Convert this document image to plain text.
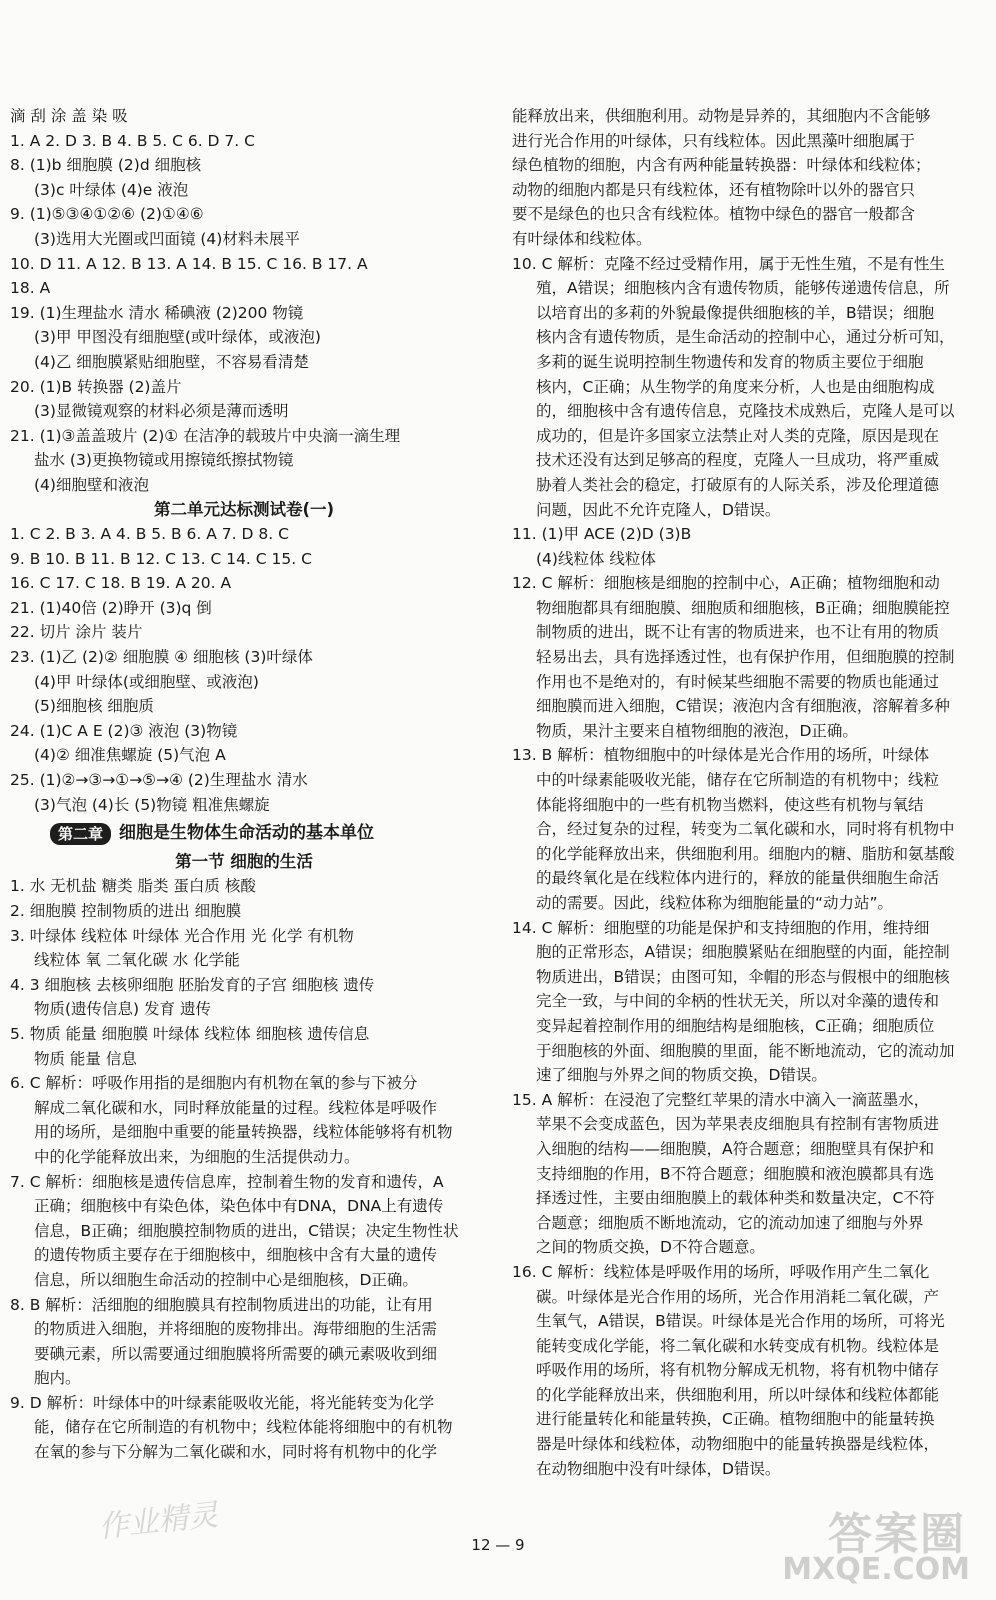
滴 刮 涂 盖 染 吸
1. A 2. D 3. B 4. B 5. C 6. D 7. C
8. (1)b 细胞膜 (2)d 细胞核
(3)c 叶绿体 (4)e 液泡
9. (1)⑤③④①②⑥ (2)①④⑥
(3)选用大光圈或凹面镜 (4)材料未展平
10. D 11. A 12. B 13. A 14. B 15. C 16. B 17. A
18. A
19. (1)生理盐水 清水 稀碘液 (2)200 物镜
(3)甲 甲图没有细胞壁(或叶绿体，或液泡)
(4)乙 细胞膜紧贴细胞壁，不容易看清楚
20. (1)B 转换器 (2)盖片
(3)显微镜观察的材料必须是薄而透明
21. (1)③盖盖玻片 (2)① 在洁净的载玻片中央滴一滴生理
盐水 (3)更换物镜或用擦镜纸擦拭物镜
(4)细胞壁和液泡
第二单元达标测试卷(一)
1. C 2. B 3. A 4. B 5. B 6. A 7. D 8. C
9. B 10. B 11. B 12. C 13. C 14. C 15. C
16. C 17. C 18. B 19. A 20. A
21. (1)40倍 (2)睁开 (3)q 倒
22. 切片 涂片 装片
23. (1)乙 (2)② 细胞膜 ④ 细胞核 (3)叶绿体
(4)甲 叶绿体(或细胞壁、或液泡)
(5)细胞核 细胞质
24. (1)C A E (2)③ 液泡 (3)物镜
(4)② 细准焦螺旋 (5)气泡 A
25. (1)②→③→①→⑤→④ (2)生理盐水 清水
(3)气泡 (4)长 (5)物镜 粗准焦螺旋
第二章 细胞是生物体生命活动的基本单位
第一节 细胞的生活
1. 水 无机盐 糖类 脂类 蛋白质 核酸
2. 细胞膜 控制物质的进出 细胞膜
3. 叶绿体 线粒体 叶绿体 光合作用 光 化学 有机物
线粒体 氧 二氧化碳 水 化学能
4. 3 细胞核 去核卵细胞 胚胎发育的子宫 细胞核 遗传
物质(遗传信息) 发育 遗传
5. 物质 能量 细胞膜 叶绿体 线粒体 细胞核 遗传信息
物质 能量 信息
6. C 解析：呼吸作用指的是细胞内有机物在氧的参与下被分
解成二氧化碳和水，同时释放能量的过程。线粒体是呼吸作
用的场所，是细胞中重要的能量转换器，线粒体能够将有机物
中的化学能释放出来，为细胞的生活提供动力。
7. C 解析：细胞核是遗传信息库，控制着生物的发育和遗传，A
正确；细胞核中有染色体，染色体中有DNA，DNA上有遗传
信息，B正确；细胞膜控制物质的进出，C错误；决定生物性状
的遗传物质主要存在于细胞核中，细胞核中含有大量的遗传
信息，所以细胞生命活动的控制中心是细胞核，D正确。
8. B 解析：活细胞的细胞膜具有控制物质进出的功能，让有用
的物质进入细胞，并将细胞的废物排出。海带细胞的生活需
要碘元素，所以需要通过细胞膜将所需要的碘元素吸收到细
胞内。
9. D 解析：叶绿体中的叶绿素能吸收光能，将光能转变为化学
能，储存在它所制造的有机物中；线粒体能将细胞中的有机物
在氧的参与下分解为二氧化碳和水，同时将有机物中的化学
能释放出来，供细胞利用。动物是异养的，其细胞内不含能够
进行光合作用的叶绿体，只有线粒体。因此黑藻叶细胞属于
绿色植物的细胞，内含有两种能量转换器：叶绿体和线粒体；
动物的细胞内都是只有线粒体，还有植物除叶以外的器官只
要不是绿色的也只含有线粒体。植物中绿色的器官一般都含
有叶绿体和线粒体。
10. C 解析：克隆不经过受精作用，属于无性生殖，不是有性生
殖，A错误；细胞核内含有遗传物质，能够传递遗传信息，所
以培育出的多莉的外貌最像提供细胞核的羊，B错误；细胞
核内含有遗传物质，是生命活动的控制中心，通过分析可知，
多莉的诞生说明控制生物遗传和发育的物质主要位于细胞
核内，C正确；从生物学的角度来分析，人也是由细胞构成
的，细胞核中含有遗传信息，克隆技术成熟后，克隆人是可以
成功的，但是许多国家立法禁止对人类的克隆，原因是现在
技术还没有达到足够高的程度，克隆人一旦成功，将严重威
胁着人类社会的稳定，打破原有的人际关系，涉及伦理道德
问题，因此不允许克隆人，D错误。
11. (1)甲 ACE (2)D (3)B
(4)线粒体 线粒体
12. C 解析：细胞核是细胞的控制中心，A正确；植物细胞和动
物细胞都具有细胞膜、细胞质和细胞核，B正确；细胞膜能控
制物质的进出，既不让有害的物质进来，也不让有用的物质
轻易出去，具有选择透过性，也有保护作用，但细胞膜的控制
作用也不是绝对的，有时候某些细胞不需要的物质也能通过
细胞膜而进入细胞，C错误；液泡内含有细胞液，溶解着多种
物质，果汁主要来自植物细胞的液泡，D正确。
13. B 解析：植物细胞中的叶绿体是光合作用的场所，叶绿体
中的叶绿素能吸收光能，储存在它所制造的有机物中；线粒
体能将细胞中的一些有机物当燃料，使这些有机物与氧结
合，经过复杂的过程，转变为二氧化碳和水，同时将有机物中
的化学能释放出来，供细胞利用。细胞内的糖、脂肪和氨基酸
的最终氧化是在线粒体内进行的，释放的能量供细胞生命活
动的需要。因此，线粒体称为细胞能量的“动力站”。
14. C 解析：细胞壁的功能是保护和支持细胞的作用，维持细
胞的正常形态，A错误；细胞膜紧贴在细胞壁的内面，能控制
物质进出，B错误；由图可知，伞帽的形态与假根中的细胞核
完全一致，与中间的伞柄的性状无关，所以对伞藻的遗传和
变异起着控制作用的细胞结构是细胞核，C正确；细胞质位
于细胞核的外面、细胞膜的里面，能不断地流动，它的流动加
速了细胞与外界之间的物质交换，D错误。
15. A 解析：在浸泡了完整红苹果的清水中滴入一滴蓝墨水，
苹果不会变成蓝色，因为苹果表皮细胞具有控制有害物质进
入细胞的结构——细胞膜，A符合题意；细胞壁具有保护和
支持细胞的作用，B不符合题意；细胞膜和液泡膜都具有选
择透过性，主要由细胞膜上的载体种类和数量决定，C不符
合题意；细胞质不断地流动，它的流动加速了细胞与外界
之间的物质交换，D不符合题意。
16. C 解析：线粒体是呼吸作用的场所，呼吸作用产生二氧化
碳。叶绿体是光合作用的场所，光合作用消耗二氧化碳，产
生氧气，A错误，B错误。叶绿体是光合作用的场所，可将光
能转变成化学能，将二氧化碳和水转变成有机物。线粒体是
呼吸作用的场所，将有机物分解成无机物，将有机物中储存
的化学能释放出来，供细胞利用，所以叶绿体和线粒体都能
进行能量转化和能量转换，C正确。植物细胞中的能量转换
器是叶绿体和线粒体，动物细胞中的能量转换器是线粒体，
在动物细胞中没有叶绿体，D错误。
12 — 9
作业精灵	答案圈
MXQE.COM
